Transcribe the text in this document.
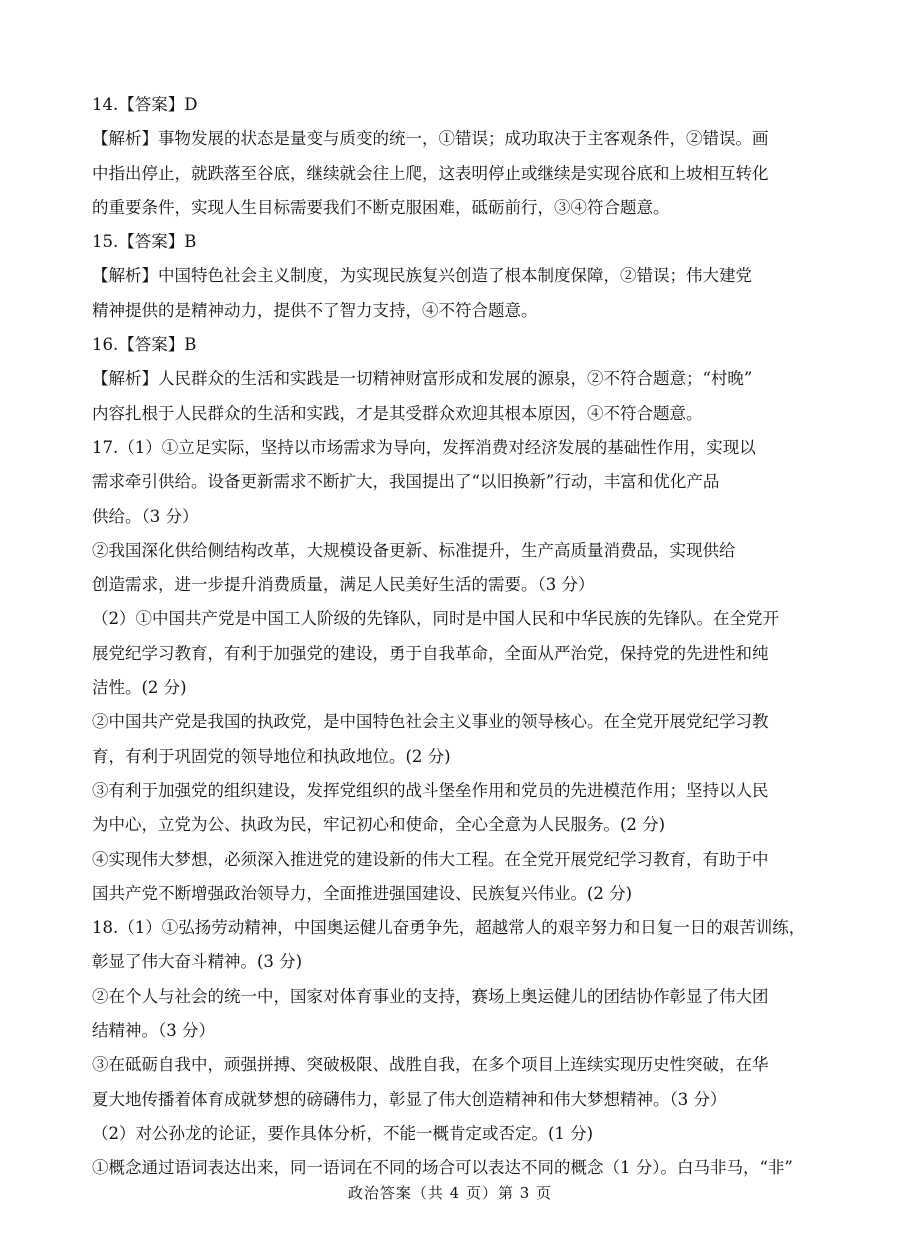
14.【答案】D
【解析】事物发展的状态是量变与质变的统一，①错误；成功取决于主客观条件，②错误。画
中指出停止，就跌落至谷底，继续就会往上爬，这表明停止或继续是实现谷底和上坡相互转化
的重要条件，实现人生目标需要我们不断克服困难，砥砺前行，③④符合题意。
15.【答案】B
【解析】中国特色社会主义制度，为实现民族复兴创造了根本制度保障，②错误；伟大建党
精神提供的是精神动力，提供不了智力支持，④不符合题意。
16.【答案】B
【解析】人民群众的生活和实践是一切精神财富形成和发展的源泉，②不符合题意；“村晚”
内容扎根于人民群众的生活和实践，才是其受群众欢迎其根本原因，④不符合题意。
17.（1）①立足实际，坚持以市场需求为导向，发挥消费对经济发展的基础性作用，实现以
需求牵引供给。设备更新需求不断扩大，我国提出了“以旧换新”行动，丰富和优化产品
供给。（3 分）
②我国深化供给侧结构改革，大规模设备更新、标准提升，生产高质量消费品，实现供给
创造需求，进一步提升消费质量，满足人民美好生活的需要。（3 分）
（2）①中国共产党是中国工人阶级的先锋队，同时是中国人民和中华民族的先锋队。在全党开
展党纪学习教育，有利于加强党的建设，勇于自我革命，全面从严治党，保持党的先进性和纯
洁性。(2 分)
②中国共产党是我国的执政党，是中国特色社会主义事业的领导核心。在全党开展党纪学习教
育，有利于巩固党的领导地位和执政地位。(2 分)
③有利于加强党的组织建设，发挥党组织的战斗堡垒作用和党员的先进模范作用；坚持以人民
为中心，立党为公、执政为民，牢记初心和使命，全心全意为人民服务。(2 分)
④实现伟大梦想，必须深入推进党的建设新的伟大工程。在全党开展党纪学习教育，有助于中
国共产党不断增强政治领导力，全面推进强国建设、民族复兴伟业。(2 分)
18.（1）①弘扬劳动精神，中国奥运健儿奋勇争先，超越常人的艰辛努力和日复一日的艰苦训练，
彰显了伟大奋斗精神。(3 分)
②在个人与社会的统一中，国家对体育事业的支持，赛场上奥运健儿的团结协作彰显了伟大团
结精神。（3 分）
③在砥砺自我中，顽强拼搏、突破极限、战胜自我，在多个项目上连续实现历史性突破，在华
夏大地传播着体育成就梦想的磅礴伟力，彰显了伟大创造精神和伟大梦想精神。（3 分）
（2）对公孙龙的论证，要作具体分析，不能一概肯定或否定。(1 分)
①概念通过语词表达出来，同一语词在不同的场合可以表达不同的概念（1 分）。白马非马，“非”
政治答案（共 4 页）第 3 页
